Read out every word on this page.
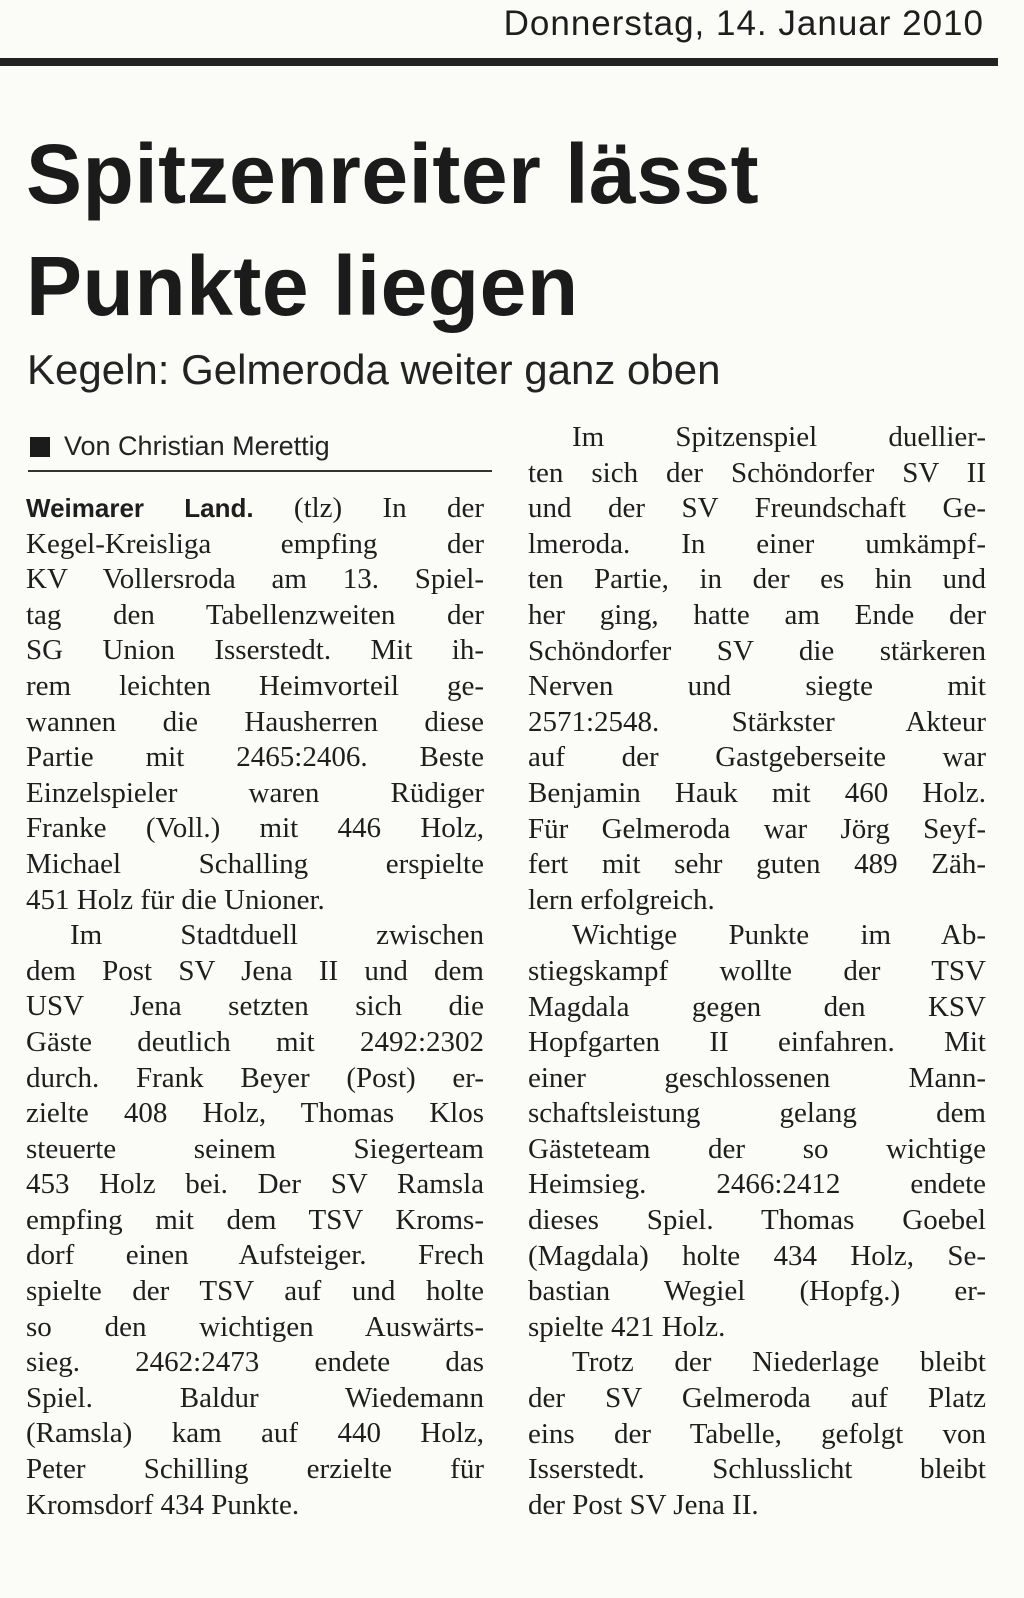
Donnerstag, 14. Januar 2010
Spitzenreiter lässt
Punkte liegen
Kegeln: Gelmeroda weiter ganz oben
Von Christian Merettig
Weimarer Land. (tlz) In der
Kegel-Kreisliga empfing der
KV Vollersroda am 13. Spiel-
tag den Tabellenzweiten der
SG Union Isserstedt. Mit ih-
rem leichten Heimvorteil ge-
wannen die Hausherren diese
Partie mit 2465:2406. Beste
Einzelspieler waren Rüdiger
Franke (Voll.) mit 446 Holz,
Michael Schalling erspielte
451 Holz für die Unioner.
Im Stadtduell zwischen
dem Post SV Jena II und dem
USV Jena setzten sich die
Gäste deutlich mit 2492:2302
durch. Frank Beyer (Post) er-
zielte 408 Holz, Thomas Klos
steuerte seinem Siegerteam
453 Holz bei. Der SV Ramsla
empfing mit dem TSV Kroms-
dorf einen Aufsteiger. Frech
spielte der TSV auf und holte
so den wichtigen Auswärts-
sieg. 2462:2473 endete das
Spiel. Baldur Wiedemann
(Ramsla) kam auf 440 Holz,
Peter Schilling erzielte für
Kromsdorf 434 Punkte.
Im Spitzenspiel duellier-
ten sich der Schöndorfer SV II
und der SV Freundschaft Ge-
lmeroda. In einer umkämpf-
ten Partie, in der es hin und
her ging, hatte am Ende der
Schöndorfer SV die stärkeren
Nerven und siegte mit
2571:2548. Stärkster Akteur
auf der Gastgeberseite war
Benjamin Hauk mit 460 Holz.
Für Gelmeroda war Jörg Seyf-
fert mit sehr guten 489 Zäh-
lern erfolgreich.
Wichtige Punkte im Ab-
stiegskampf wollte der TSV
Magdala gegen den KSV
Hopfgarten II einfahren. Mit
einer geschlossenen Mann-
schaftsleistung gelang dem
Gästeteam der so wichtige
Heimsieg. 2466:2412 endete
dieses Spiel. Thomas Goebel
(Magdala) holte 434 Holz, Se-
bastian Wegiel (Hopfg.) er-
spielte 421 Holz.
Trotz der Niederlage bleibt
der SV Gelmeroda auf Platz
eins der Tabelle, gefolgt von
Isserstedt. Schlusslicht bleibt
der Post SV Jena II.
